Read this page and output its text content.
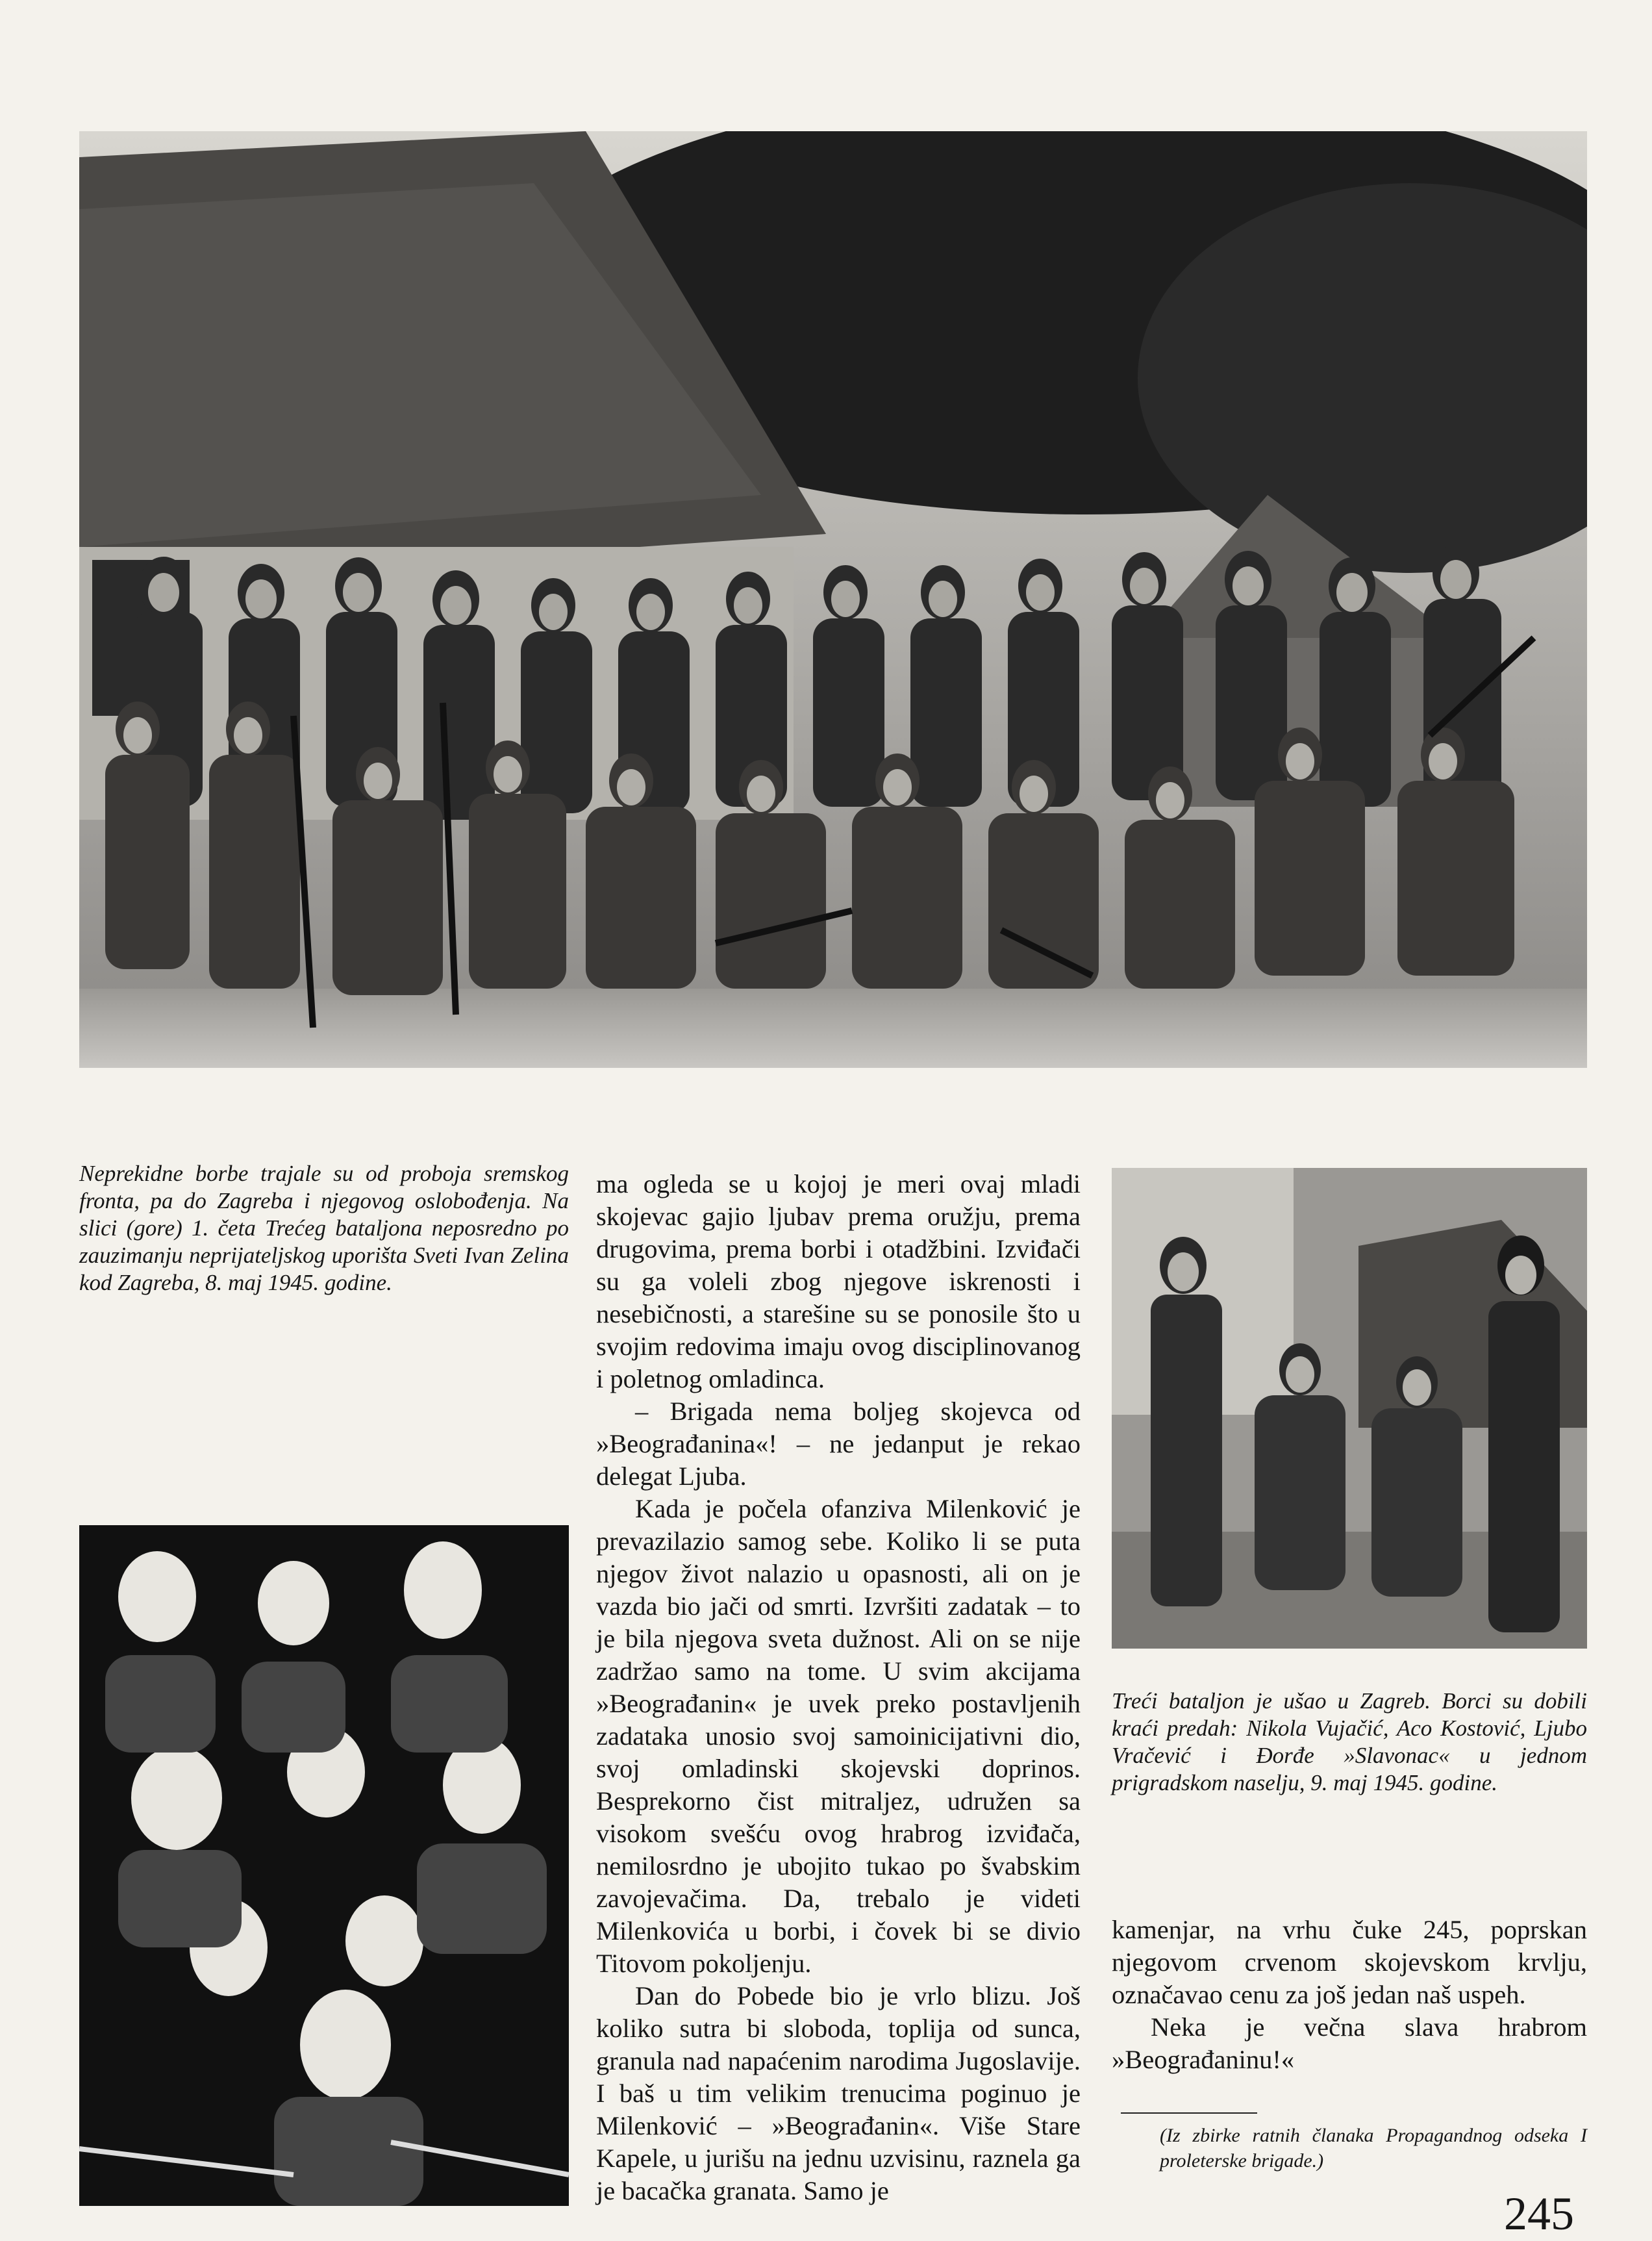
Neprekidne borbe trajale su od proboja sremskog fronta, pa do Zagreba i njegovog oslobođenja. Na slici (gore) 1. četa Trećeg bataljona neposredno po zauzimanju neprijateljskog uporišta Sveti Ivan Zelina kod Zagreba, 8. maj 1945. godine.

Treći bataljon je ušao u Zagreb. Borci su dobili kraći predah: Nikola Vujačić, Aco Kostović, Ljubo Vračević i Đorđe »Slavonac« u jednom prigradskom naselju, 9. maj 1945. godine.

ma ogleda se u kojoj je meri ovaj mladi skojevac gajio ljubav prema oružju, prema drugovima, prema borbi i otadžbini. Izviđači su ga voleli zbog njegove iskrenosti i nesebičnosti, a starešine su se ponosile što u svojim redovima imaju ovog disciplinovanog i poletnog omladinca.

– Brigada nema boljeg skojevca od »Beograđanina«! – ne jedanput je rekao delegat Ljuba.

Kada je počela ofanziva Milenković je prevazilazio samog sebe. Koliko li se puta njegov život nalazio u opasnosti, ali on je vazda bio jači od smrti. Izvršiti zadatak – to je bila njegova sveta dužnost. Ali on se nije zadržao samo na tome. U svim akcijama »Beograđanin« je uvek preko postavljenih zadataka unosio svoj samoinicijativni dio, svoj omladinski skojevski doprinos. Besprekorno čist mitraljez, udružen sa visokom svešću ovog hrabrog izviđača, nemilosrdno je ubojito tukao po švabskim zavojevačima. Da, trebalo je videti Milenkovića u borbi, i čovek bi se divio Titovom pokoljenju.

Dan do Pobede bio je vrlo blizu. Još koliko sutra bi sloboda, toplija od sunca, granula nad napaćenim narodima Jugoslavije. I baš u tim velikim trenucima poginuo je Milenković – »Beograđanin«. Više Stare Kapele, u jurišu na jednu uzvisinu, raznela ga je bacačka granata. Samo je

kamenjar, na vrhu čuke 245, poprskan njegovom crvenom skojevskom krvlju, označavao cenu za još jedan naš uspeh.

Neka je večna slava hrabrom »Beograđaninu!«

(Iz zbirke ratnih članaka Propagandnog odseka I proleterske brigade.)
245
